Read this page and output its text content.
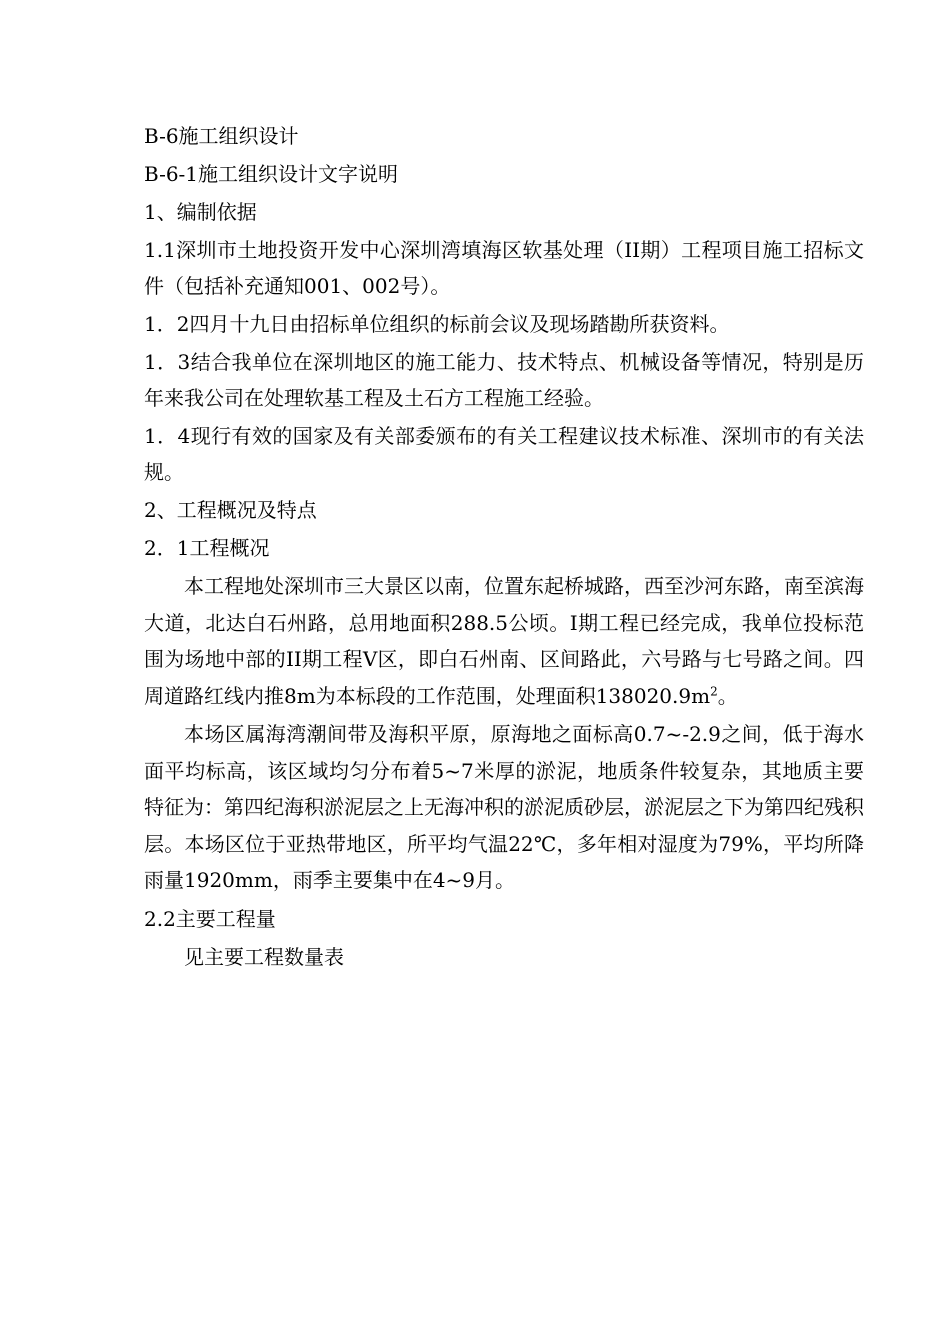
B-6施工组织设计

B-6-1施工组织设计文字说明

1、编制依据

1.1深圳市土地投资开发中心深圳湾填海区软基处理（II期）工程项目施工招标文件（包括补充通知001、002号）。

1．2四月十九日由招标单位组织的标前会议及现场踏勘所获资料。

1．3结合我单位在深圳地区的施工能力、技术特点、机械设备等情况，特别是历年来我公司在处理软基工程及土石方工程施工经验。

1．4现行有效的国家及有关部委颁布的有关工程建议技术标准、深圳市的有关法规。

2、工程概况及特点

2．1工程概况

本工程地处深圳市三大景区以南，位置东起桥城路，西至沙河东路，南至滨海大道，北达白石州路，总用地面积288.5公顷。I期工程已经完成，我单位投标范围为场地中部的II期工程V区，即白石州南、区间路此，六号路与七号路之间。四周道路红线内推8m为本标段的工作范围，处理面积$138020.9m^2$。

本场区属海湾潮间带及海积平原，原海地之面标高0.7~-2.9之间，低于海水面平均标高，该区域均匀分布着5~7米厚的淤泥，地质条件较复杂，其地质主要特征为：第四纪海积淤泥层之上无海冲积的淤泥质砂层，淤泥层之下为第四纪残积层。本场区位于亚热带地区，所平均气温22℃，多年相对湿度为79%，平均所降雨量1920mm，雨季主要集中在4~9月。

2.2主要工程量

见主要工程数量表
